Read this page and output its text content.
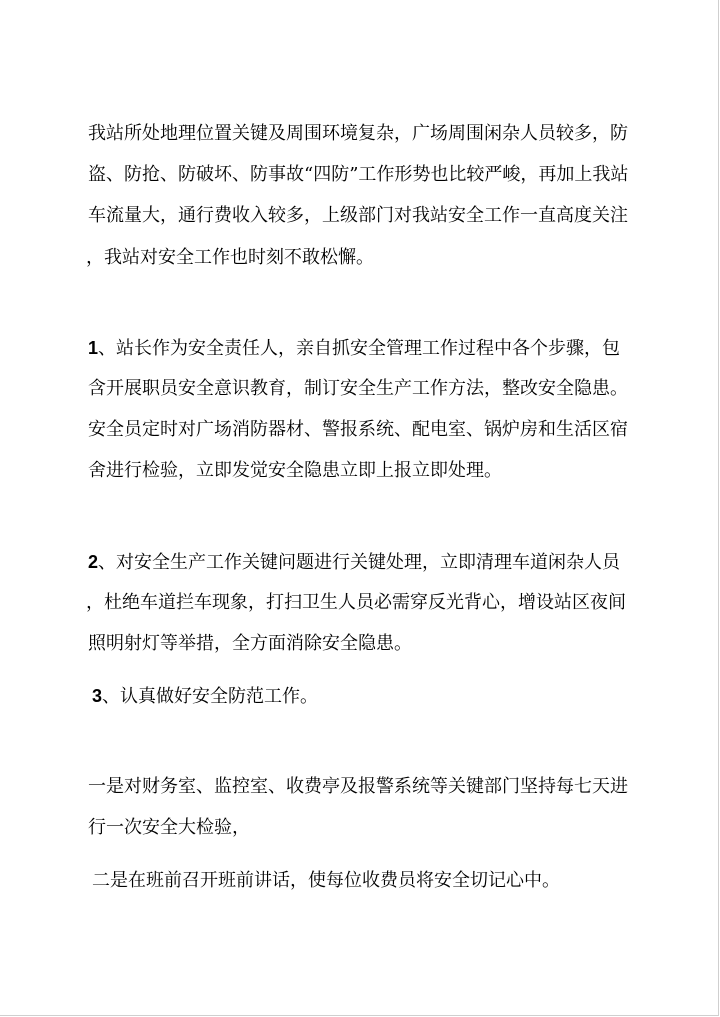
我站所处地理位置关键及周围环境复杂，广场周围闲杂人员较多，防
盗、防抢、防破坏、防事故“四防”工作形势也比较严峻，再加上我站
车流量大，通行费收入较多，上级部门对我站安全工作一直高度关注
，我站对安全工作也时刻不敢松懈。
1、站长作为安全责任人，亲自抓安全管理工作过程中各个步骤，包
含开展职员安全意识教育，制订安全生产工作方法，整改安全隐患。
安全员定时对广场消防器材、警报系统、配电室、锅炉房和生活区宿
舍进行检验，立即发觉安全隐患立即上报立即处理。
2、对安全生产工作关键问题进行关键处理，立即清理车道闲杂人员
，杜绝车道拦车现象，打扫卫生人员必需穿反光背心，增设站区夜间
照明射灯等举措，全方面消除安全隐患。
3、认真做好安全防范工作。
一是对财务室、监控室、收费亭及报警系统等关键部门坚持每七天进
行一次安全大检验，
二是在班前召开班前讲话，使每位收费员将安全切记心中。
